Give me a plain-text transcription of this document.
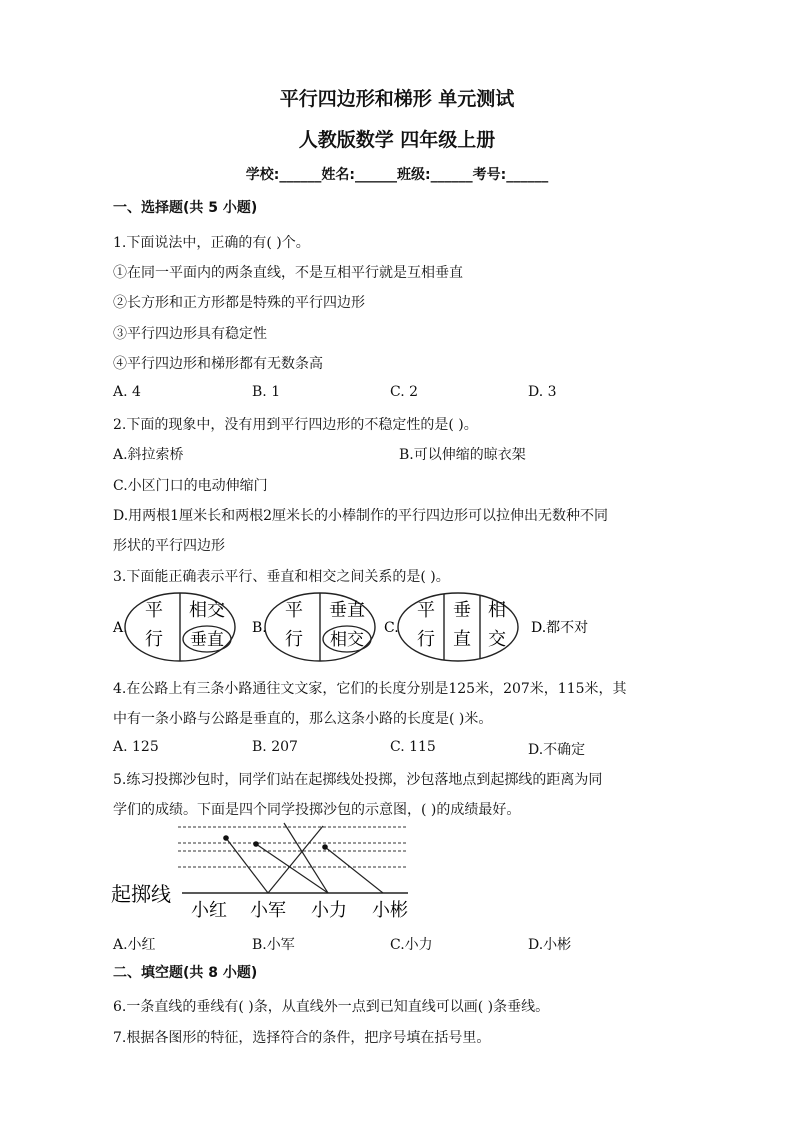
平行四边形和梯形 单元测试
人教版数学 四年级上册
学校:______姓名:______班级:______考号:______
一、选择题(共 5 小题)
1.下面说法中，正确的有( )个。
①在同一平面内的两条直线，不是互相平行就是互相垂直
②长方形和正方形都是特殊的平行四边形
③平行四边形具有稳定性
④平行四边形和梯形都有无数条高
A. 4	B. 1	C. 2	D. 3
2.下面的现象中，没有用到平行四边形的不稳定性的是( )。
A.斜拉索桥	B.可以伸缩的晾衣架
C.小区门口的电动伸缩门
D.用两根1厘米长和两根2厘米长的小棒制作的平行四边形可以拉伸出无数种不同
形状的平行四边形
3.下面能正确表示平行、垂直和相交之间关系的是( )。
A.
平
行
相交
垂直
B.
平
行
垂直
相交
C.
平
行
垂
直
相
交
D.都不对
4.在公路上有三条小路通往文文家，它们的长度分别是125米，207米，115米，其
中有一条小路与公路是垂直的，那么这条小路的长度是( )米。
A. 125	B. 207	C. 115	D.不确定
5.练习投掷沙包时，同学们站在起掷线处投掷，沙包落地点到起掷线的距离为同
学们的成绩。下面是四个同学投掷沙包的示意图，( )的成绩最好。
起掷线
小红 小军 小力 小彬
A.小红	B.小军	C.小力	D.小彬
二、填空题(共 8 小题)
6.一条直线的垂线有( )条，从直线外一点到已知直线可以画( )条垂线。
7.根据各图形的特征，选择符合的条件，把序号填在括号里。
